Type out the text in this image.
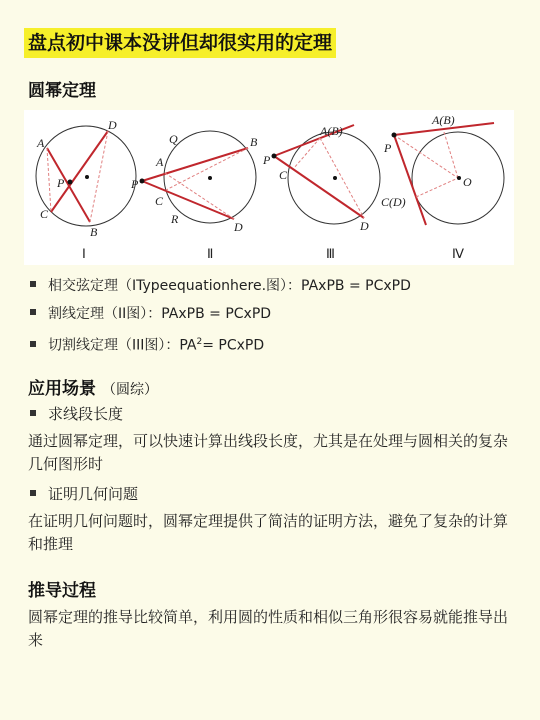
盘点初中课本没讲但却很实用的定理
圆幂定理
A
D
P
C
B
Ⅰ
Q	B
A
P
C
R
D
Ⅱ
A(B)
P
C
D
Ⅲ
A(B)
P
C(D)
O
Ⅳ
相交弦定理（ITypeequationhere.图）：PAxPB = PCxPD
割线定理（II图）：PAxPB = PCxPD
切割线定理（III图）：$PA^2=$ PCxPD
应用场景 （圆综）
求线段长度
通过圆幂定理，可以快速计算出线段长度，尤其是在处理与圆相关的复杂几何图形时
证明几何问题
在证明几何问题时，圆幂定理提供了简洁的证明方法，避免了复杂的计算和推理
推导过程
圆幂定理的推导比较简单，利用圆的性质和相似三角形很容易就能推导出来
